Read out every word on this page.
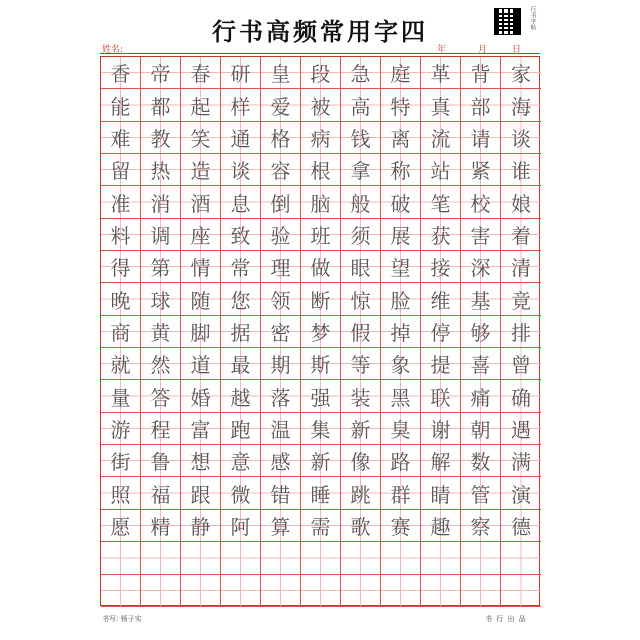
行书高频常用字四	行书字帖
姓名:	年	月	日
香	帝	春	研	皇	段	急	庭	革	背	家
能	都	起	样	爱	被	高	特	真	部	海
难	教	笑	通	格	病	钱	离	流	请	谈
留	热	造	谈	容	根	拿	称	站	紧	谁
准	消	酒	息	倒	脑	般	破	笔	校	娘
料	调	座	致	验	班	须	展	获	害	着
得	第	情	常	理	做	眼	望	接	深	清
晚	球	随	您	领	断	惊	脸	维	基	竟
商	黄	脚	据	密	梦	假	掉	停	够	排
就	然	道	最	期	斯	等	象	提	喜	曾
量	答	婚	越	落	强	装	黑	联	痛	确
游	程	富	跑	温	集	新	臭	谢	朝	遇
街	鲁	想	意	感	新	像	路	解	数	满
照	福	跟	微	错	睡	跳	群	睛	管	演
愿	精	静	阿	算	需	歌	赛	趣	察	德
书写: 杨子实	书 行 出 品
